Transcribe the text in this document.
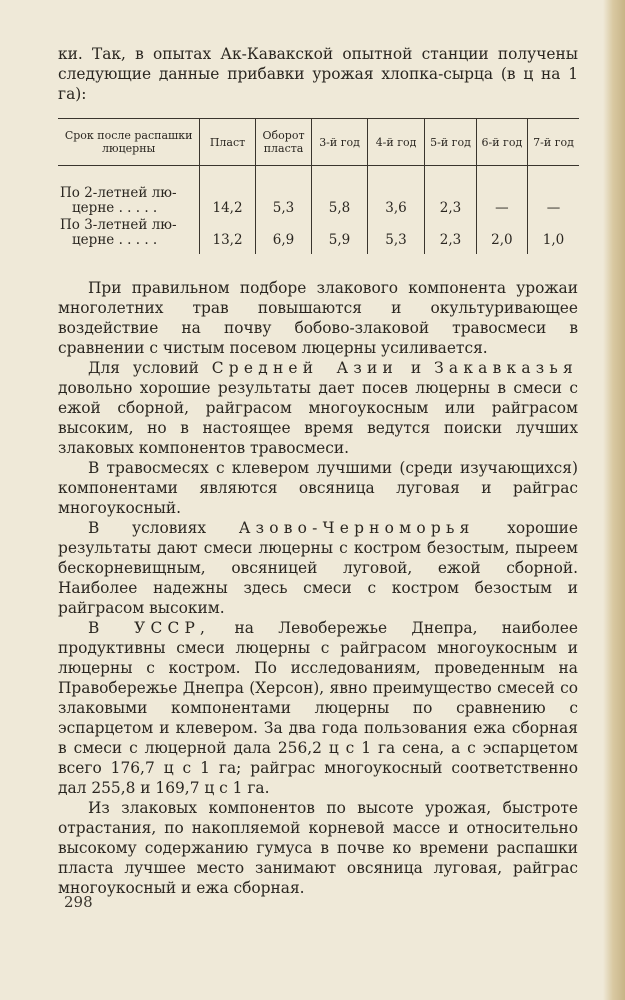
ки. Так, в опытах Ак-Кавакской опытной станции получены следующие данные прибавки урожая хлопка-сырца (в ц на 1 га):

Срок после распашки люцерны	Пласт	Оборот пласта	3-й год	4-й год	5-й год	6-й год	7-й год

По 2-летней лю-
церне . . . . .	14,2	5,3	5,8	3,6	2,3	—	—

По 3-летней лю-
церне . . . . .	13,2	6,9	5,9	5,3	2,3	2,0	1,0

При правильном подборе злакового компонента урожаи многолетних трав повышаются и окультуривающее воздействие на почву бобово-злаковой травосмеси в сравнении с чистым посевом люцерны усиливается.

Для условий Средней Азии и Закавказья довольно хорошие результаты дает посев люцерны в смеси с ежой сборной, райграсом многоукосным или райграсом высоким, но в настоящее время ведутся поиски лучших злаковых компонентов травосмеси.

В травосмесях с клевером лучшими (среди изучающихся) компонентами являются овсяница луговая и райграс многоукосный.

В условиях Азово-Черноморья хорошие результаты дают смеси люцерны с костром безостым, пыреем бескорневищным, овсяницей луговой, ежой сборной. Наиболее надежны здесь смеси с костром безостым и райграсом высоким.

В УССР, на Левобережье Днепра, наиболее продуктивны смеси люцерны с райграсом многоукосным и люцерны с костром. По исследованиям, проведенным на Правобережье Днепра (Херсон), явно преимущество смесей со злаковыми компонентами люцерны по сравнению с эспарцетом и клевером. За два года пользования ежа сборная в смеси с люцерной дала 256,2 ц с 1 га сена, а с эспарцетом всего 176,7 ц с 1 га; райграс многоукосный соответственно дал 255,8 и 169,7 ц с 1 га.

Из злаковых компонентов по высоте урожая, быстроте отрастания, по накопляемой корневой массе и относительно высокому содержанию гумуса в почве ко времени распашки пласта лучшее место занимают овсяница луговая, райграс многоукосный и ежа сборная.

298
